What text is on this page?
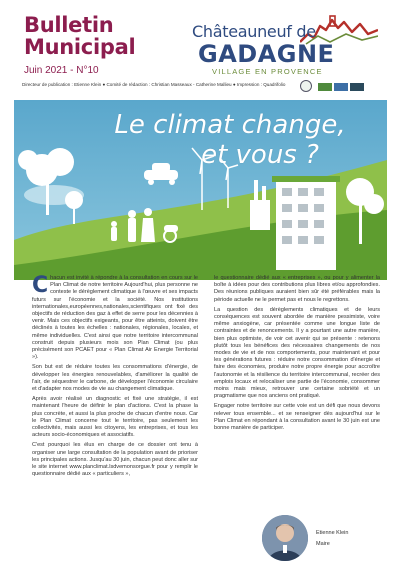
Bulletin
Municipal
Juin 2021 - N°10
Directeur de publication : Etienne Klein ● Comité de rédaction : Christian Masseaux - Catherine Mallieu ● Impression : Quadrifolio
Châteauneuf de
GADAGNE
VILLAGE EN PROVENCE
Le climat change,
et vous ?

Chacun est invité à répondre à la consultation en cours sur le Plan Climat de notre territoire Aujourd'hui, plus personne ne conteste le dérèglement climatique à l'œuvre et ses impacts futurs sur l'économie et la société. Nos institutions internationales,européennes,nationales,scientifiques ont fixé des objectifs de réduction des gaz à effet de serre pour les décennies à venir. Mais ces objectifs exigeants, pour être atteints, doivent être déclinés à toutes les échelles : nationales, régionales, locales, et même individuelles. C'est ainsi que notre territoire intercommunal construit depuis plusieurs mois son Plan Climat (ou plus précisément son PCAET pour « Plan Climat Air Energie Territorial »).

Son but est de réduire toutes les consommations d'énergie, de développer les énergies renouvelables, d'améliorer la qualité de l'air, de séquestrer le carbone, de développer l'économie circulaire et d'adapter nos modes de vie au changement climatique.

Après avoir réalisé un diagnostic et fixé une stratégie, il est maintenant l'heure de définir le plan d'actions. C'est la phase la plus concrète, et aussi la plus proche de chacun d'entre nous. Car le Plan Climat concerne tout le territoire, pas seulement les collectivités, mais aussi les citoyens, les entreprises, et tous les acteurs socio-économiques et associatifs.

C'est pourquoi les élus en charge de ce dossier ont tenu à organiser une large consultation de la population avant de prioriser les principales actions. Jusqu'au 30 juin, chacun peut donc aller sur le site internet www.planclimat.lsdvemonsorgue.fr pour y remplir le questionnaire dédié aux « particuliers »,

le questionnaire dédié aux « entreprises », ou pour y alimenter la boîte à idées pour des contributions plus libres et/ou approfondies. Des réunions publiques auraient bien sûr été préférables mais la période actuelle ne le permet pas et nous le regrettons.

La question des dérèglements climatiques et de leurs conséquences est souvent abordée de manière pessimiste, voire même anxiogène, car présentée comme une longue liste de contraintes et de renoncements. Il y a pourtant une autre manière, bien plus optimiste, de voir cet avenir qui se présente : retenons plutôt tous les bénéfices des nécessaires changements de nos modes de vie et de nos comportements, pour maintenant et pour les générations futures : réduire notre consommation d'énergie et faire des économies, produire notre propre énergie pour accroître l'autonomie et la résilience du territoire intercommunal, recréer des emplois locaux et relocaliser une partie de l'économie, consommer moins mais mieux, retrouver une certaine sobriété et un pragmatisme que nos anciens ont pratiqué.

Engager notre territoire sur cette voie est un défi que nous devons relever tous ensemble... et se renseigner dès aujourd'hui sur le Plan Climat en répondant à la consultation avant le 30 juin est une bonne manière de participer.

Etienne Klein
Maire
